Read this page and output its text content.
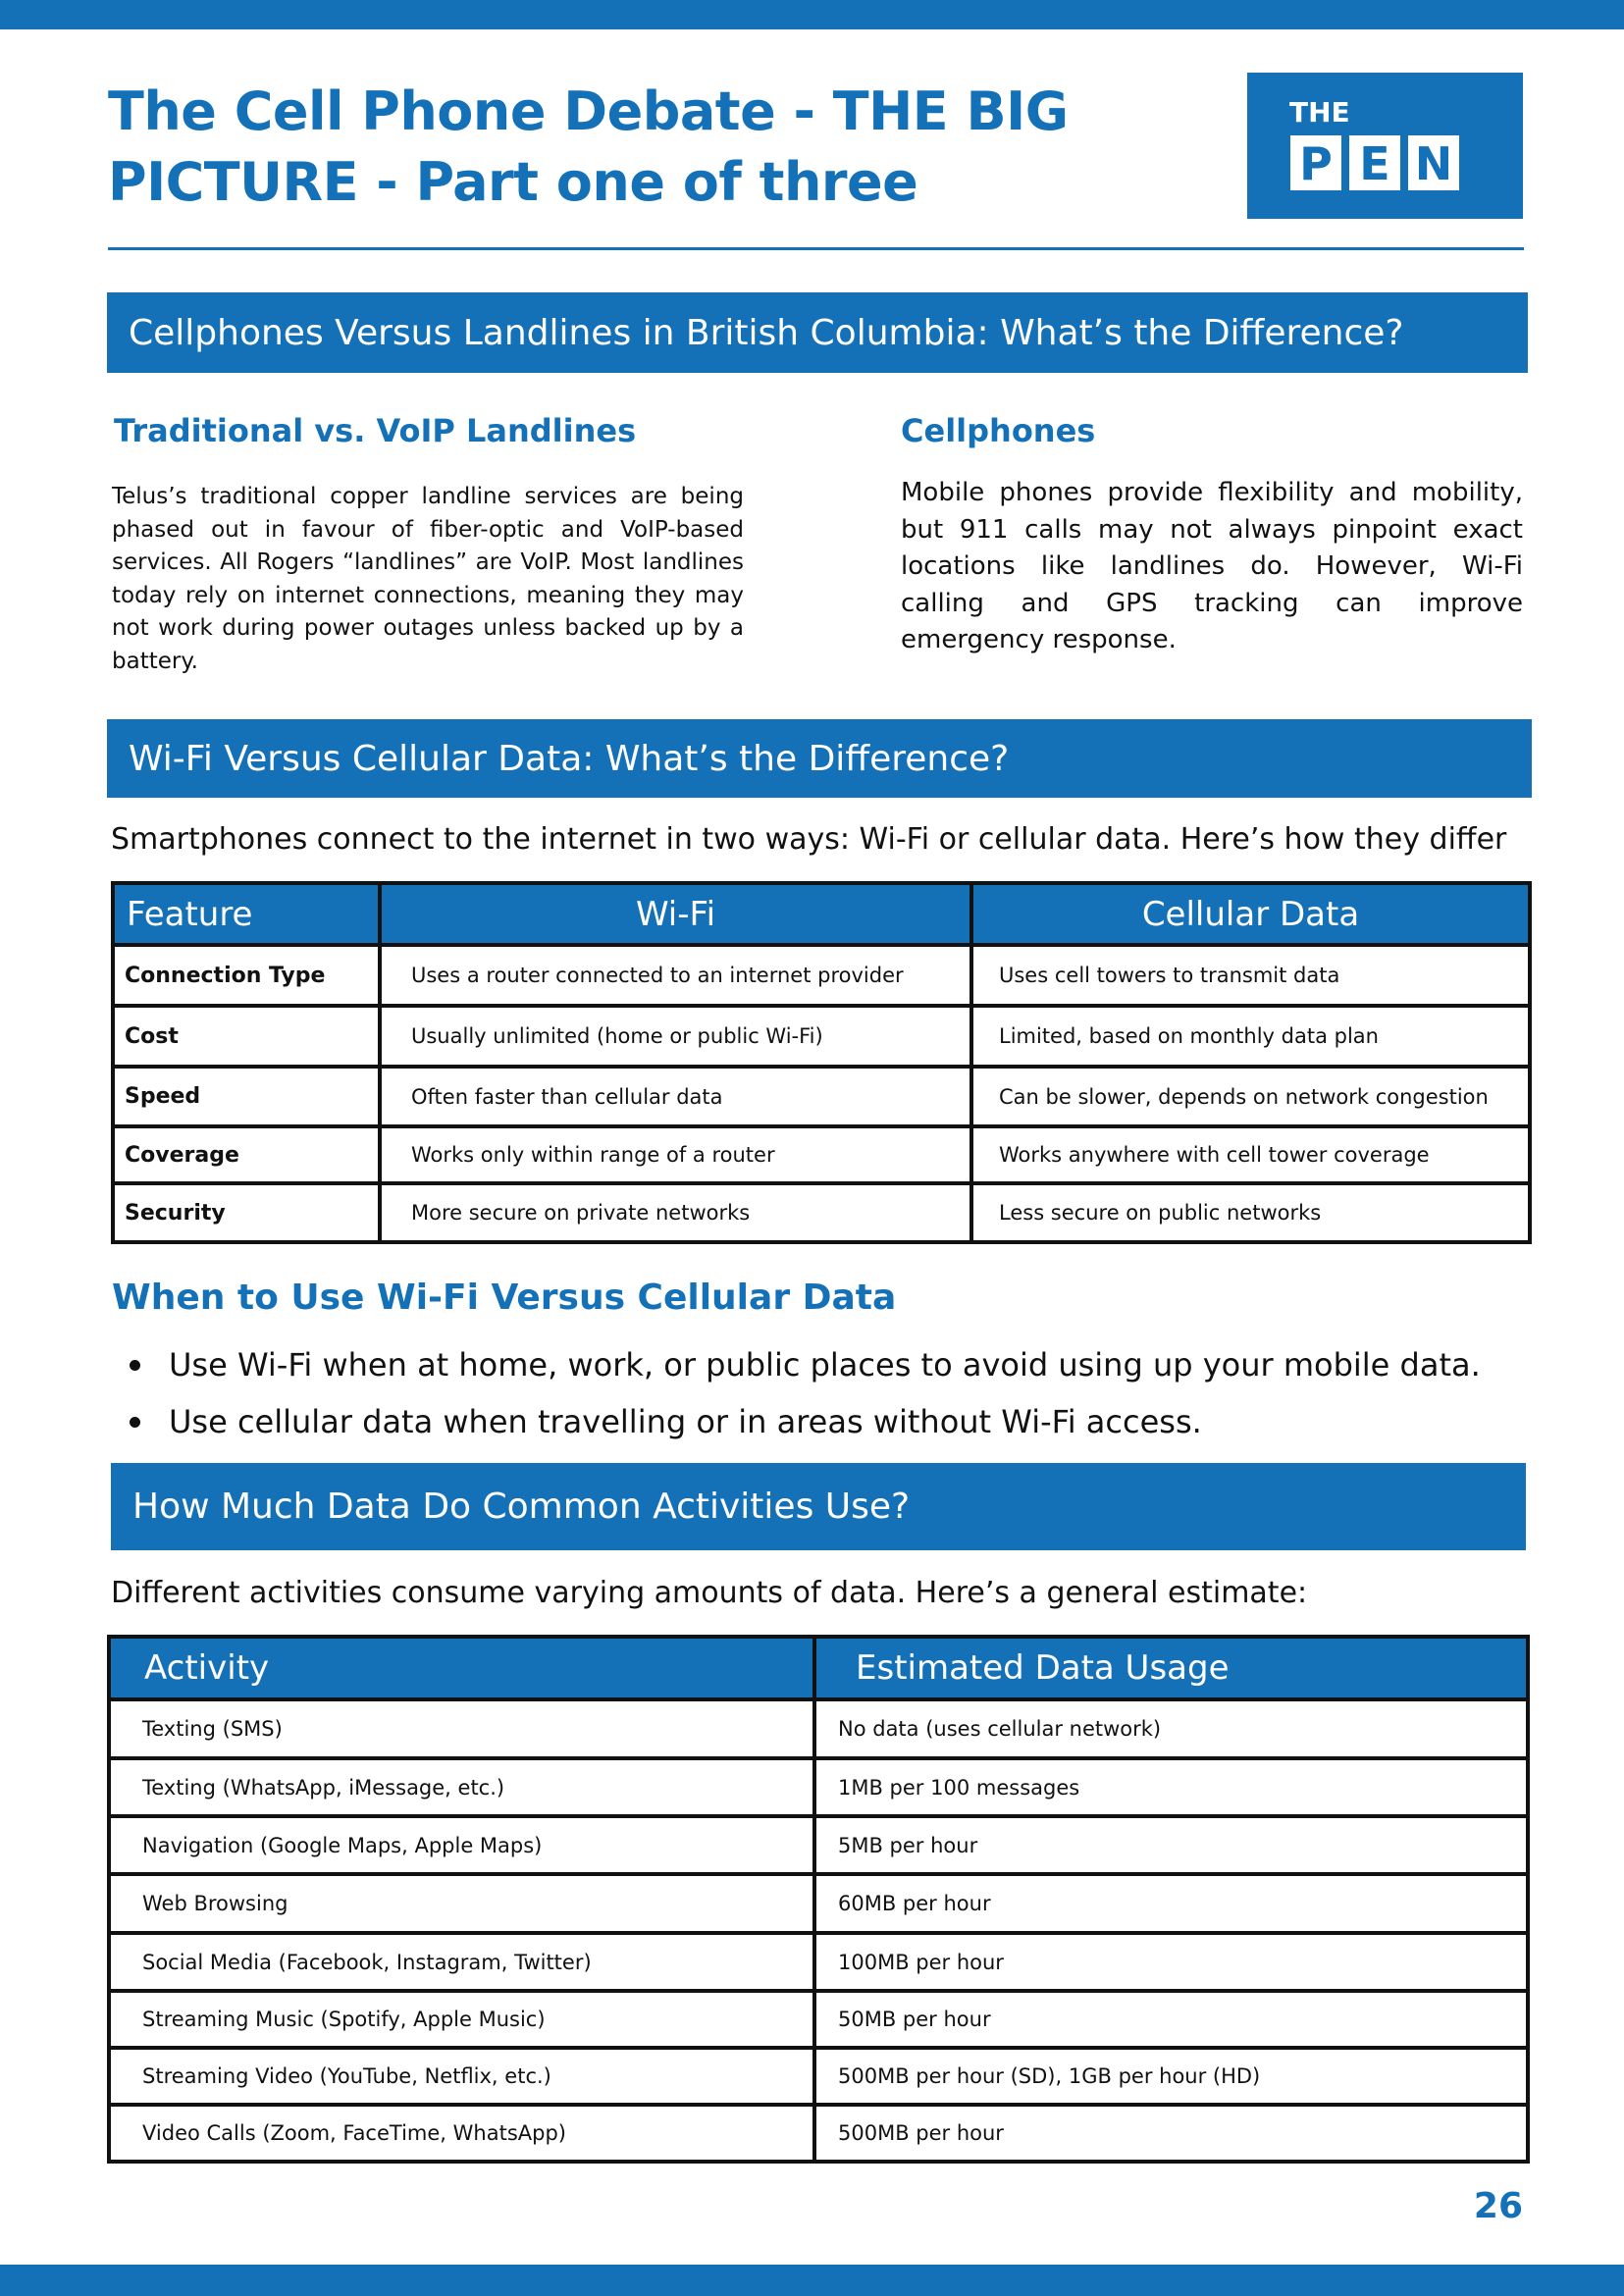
The Cell Phone Debate - THE BIG
PICTURE - Part one of three
THE
P E N
Cellphones Versus Landlines in British Columbia: What’s the Difference?
Traditional vs. VoIP Landlines

Telus’s traditional copper landline services are being phased out in favour of fiber-optic and VoIP-based services. All Rogers “landlines” are VoIP. Most landlines today rely on internet connections, meaning they may not work during power outages unless backed up by a battery.

Cellphones

Mobile phones provide flexibility and mobility, but 911 calls may not always pinpoint exact locations like landlines do. However, Wi-Fi calling and GPS tracking can improve emergency response.

Wi-Fi Versus Cellular Data: What’s the Difference?

Smartphones connect to the internet in two ways: Wi-Fi or cellular data. Here’s how they differ

Feature	Wi-Fi	Cellular Data
Connection Type	Uses a router connected to an internet provider	Uses cell towers to transmit data
Cost	Usually unlimited (home or public Wi-Fi)	Limited, based on monthly data plan
Speed	Often faster than cellular data	Can be slower, depends on network congestion
Coverage	Works only within range of a router	Works anywhere with cell tower coverage
Security	More secure on private networks	Less secure on public networks
When to Use Wi-Fi Versus Cellular Data
Use Wi-Fi when at home, work, or public places to avoid using up your mobile data.
Use cellular data when travelling or in areas without Wi-Fi access.
How Much Data Do Common Activities Use?

Different activities consume varying amounts of data. Here’s a general estimate:

Activity	Estimated Data Usage
Texting (SMS)	No data (uses cellular network)
Texting (WhatsApp, iMessage, etc.)	1MB per 100 messages
Navigation (Google Maps, Apple Maps)	5MB per hour
Web Browsing	60MB per hour
Social Media (Facebook, Instagram, Twitter)	100MB per hour
Streaming Music (Spotify, Apple Music)	50MB per hour
Streaming Video (YouTube, Netflix, etc.)	500MB per hour (SD), 1GB per hour (HD)
Video Calls (Zoom, FaceTime, WhatsApp)	500MB per hour
26
